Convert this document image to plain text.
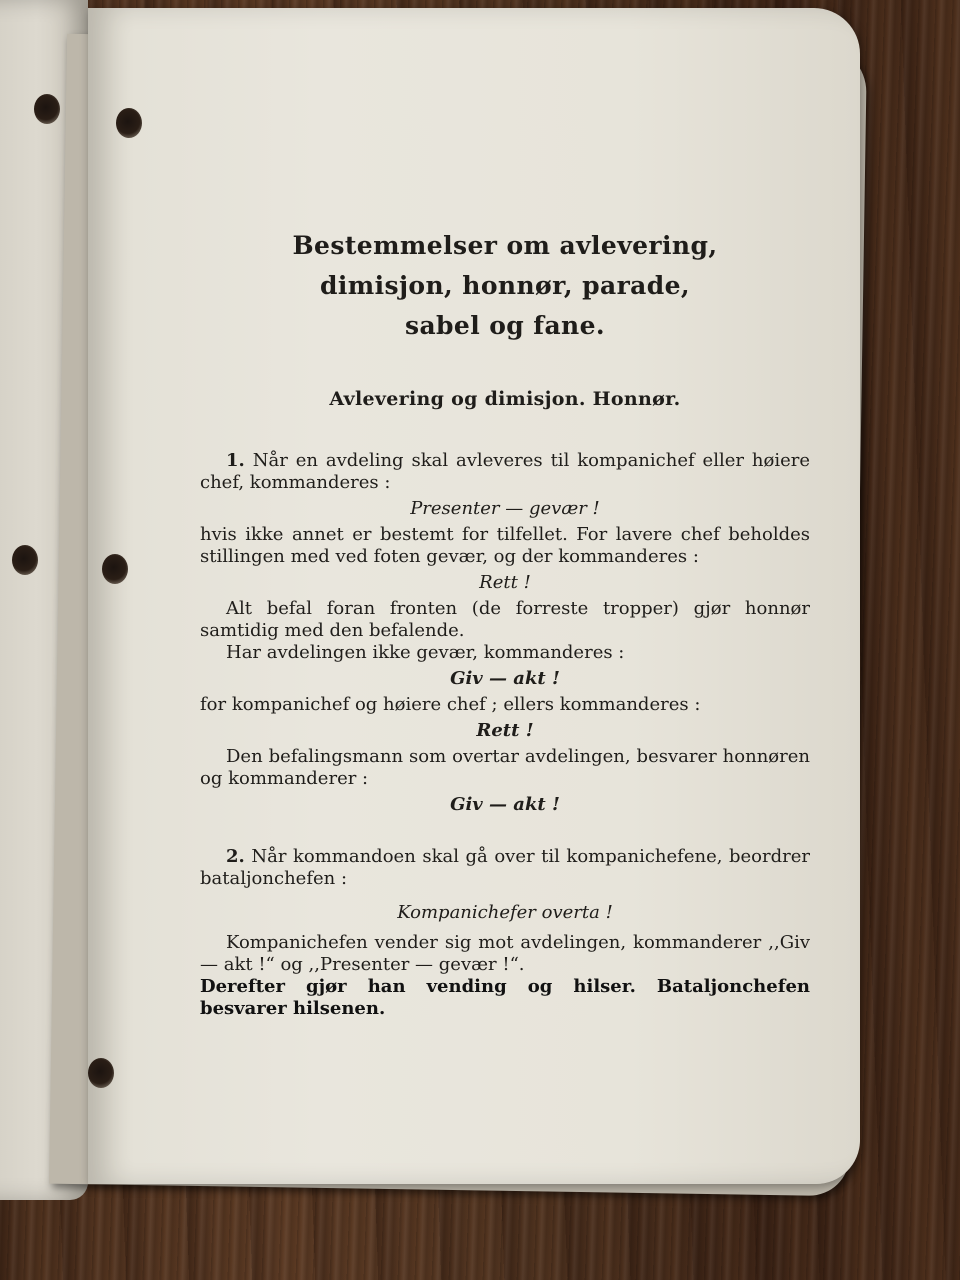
Bestemmelser om avlevering,

dimisjon, honnør, parade,

sabel og fane.

Avlevering og dimisjon. Honnør.

1. Når en avdeling skal avleveres til kompanichef eller høiere chef, kommanderes :

Presenter — gevær !

hvis ikke annet er bestemt for tilfellet. For lavere chef beholdes stillingen med ved foten gevær, og der kommanderes :

Rett !

Alt befal foran fronten (de forreste tropper) gjør honnør samtidig med den befalende.

Har avdelingen ikke gevær, kommanderes :

Giv — akt !

for kompanichef og høiere chef ; ellers kommanderes :

Rett !

Den befalingsmann som overtar avdelingen, besvarer honnøren og kommanderer :

Giv — akt !

2. Når kommandoen skal gå over til kompanichefene, beordrer bataljonchefen :

Kompanichefer overta !

Kompanichefen vender sig mot avdelingen, kommanderer ,,Giv — akt !“ og ,,Presenter — gevær !“.

Derefter gjør han vending og hilser. Bataljonchefen besvarer hilsenen.
